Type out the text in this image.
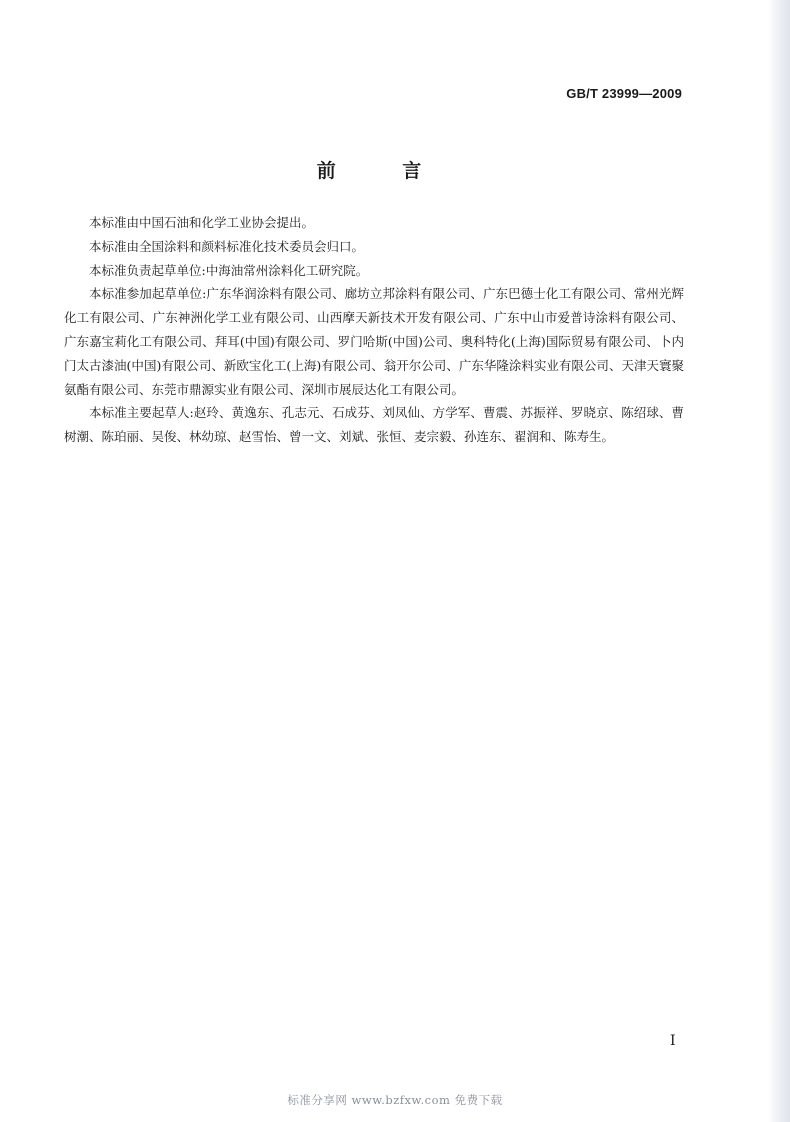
GB/T 23999—2009
前 言

本标准由中国石油和化学工业协会提出。

本标准由全国涂料和颜料标准化技术委员会归口。

本标准负责起草单位:中海油常州涂料化工研究院。

本标准参加起草单位:广东华润涂料有限公司、廊坊立邦涂料有限公司、广东巴德士化工有限公司、常州光辉化工有限公司、广东神洲化学工业有限公司、山西摩天新技术开发有限公司、广东中山市爱普诗涂料有限公司、广东嘉宝莉化工有限公司、拜耳(中国)有限公司、罗门哈斯(中国)公司、奥科特化(上海)国际贸易有限公司、卜内门太古漆油(中国)有限公司、新欧宝化工(上海)有限公司、翁开尔公司、广东华隆涂料实业有限公司、天津天寰聚氨酯有限公司、东莞市鼎源实业有限公司、深圳市展辰达化工有限公司。

本标准主要起草人:赵玲、黄逸东、孔志元、石成芬、刘凤仙、方学军、曹震、苏振祥、罗晓京、陈绍球、曹树潮、陈珀丽、吴俊、林幼琼、赵雪怡、曾一文、刘斌、张恒、麦宗毅、孙连东、翟润和、陈寿生。

I
标准分享网 www.bzfxw.com 免费下载
